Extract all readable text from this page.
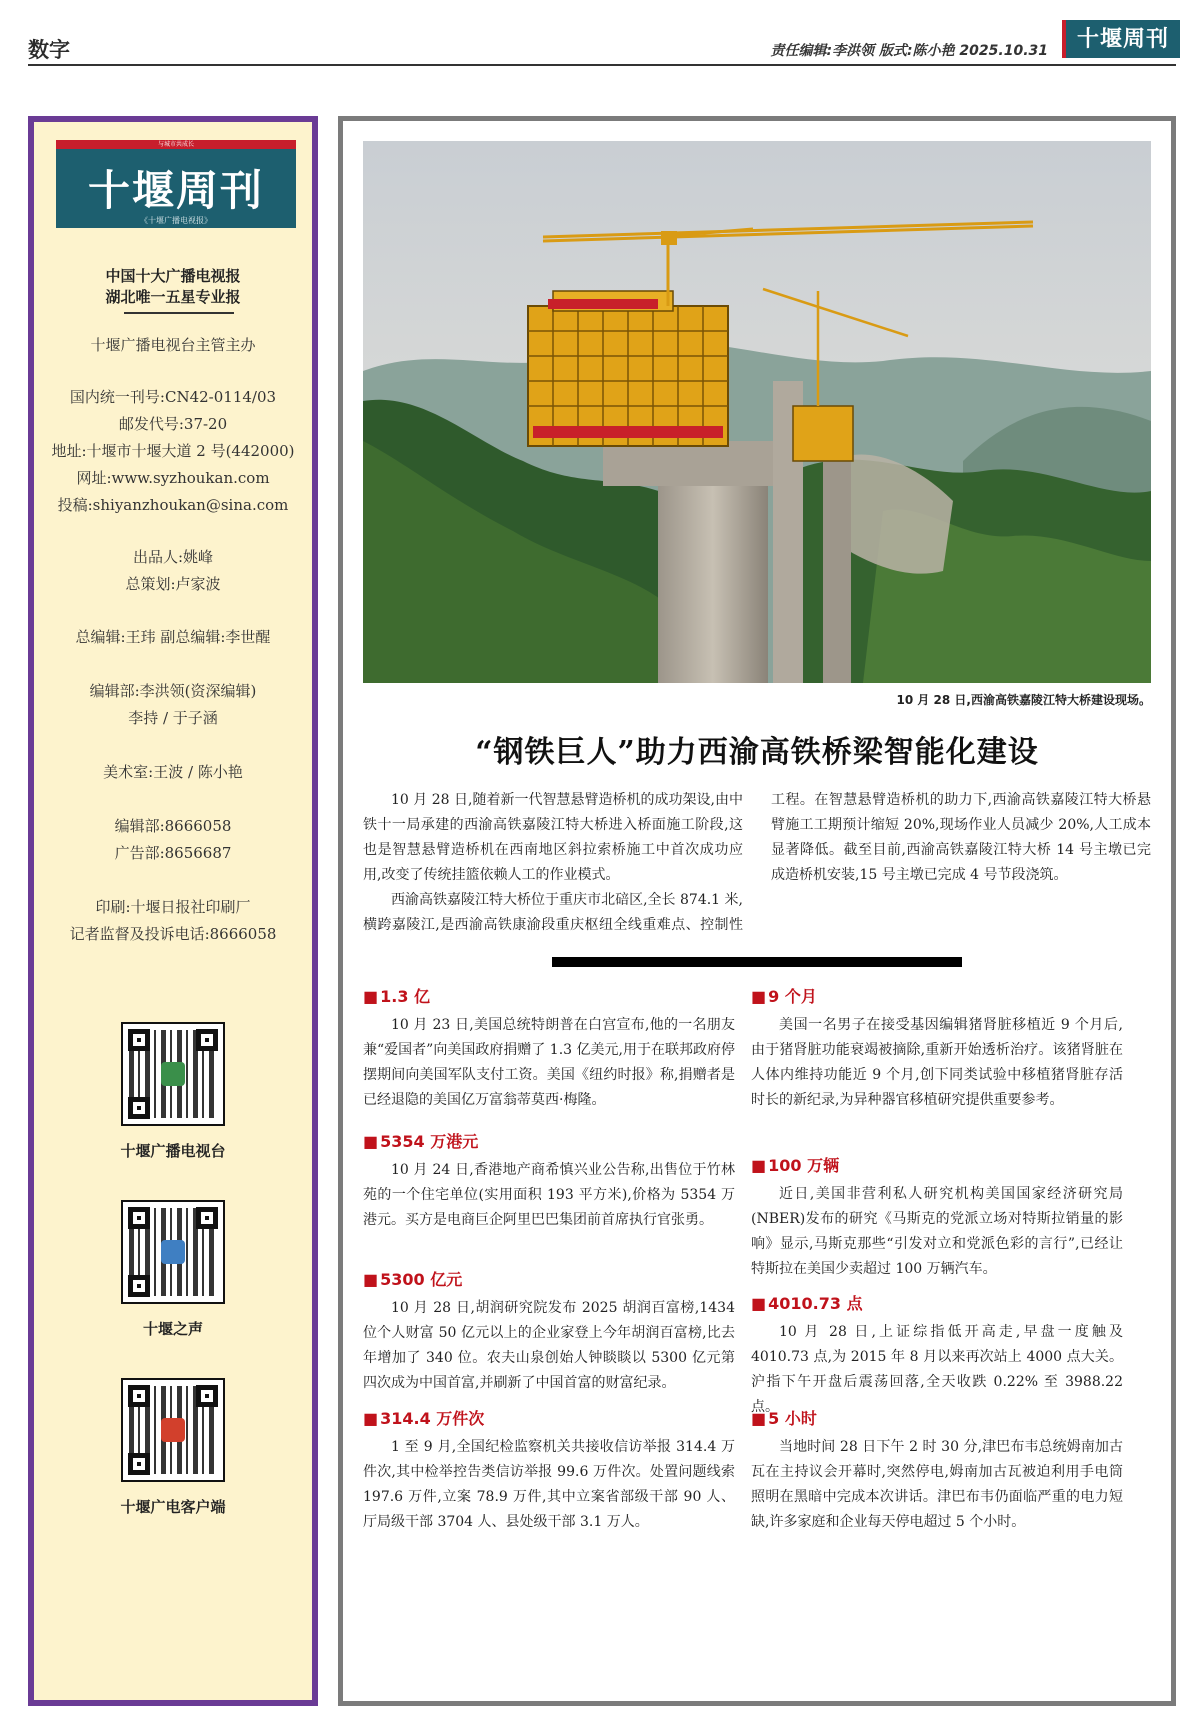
数字	责任编辑:李洪领 版式:陈小艳 2025.10.31	十堰周刊
与城市共成长
十堰周刊
《十堰广播电视报》
中国十大广播电视报
湖北唯一五星专业报
十堰广播电视台主管主办
国内统一刊号:CN42-0114/03
邮发代号:37-20
地址:十堰市十堰大道 2 号(442000)
网址:www.syzhoukan.com
投稿:shiyanzhoukan@sina.com
出品人:姚峰
总策划:卢家波
总编辑:王玮 副总编辑:李世醒
编辑部:李洪领(资深编辑)
李持 / 于子涵
美术室:王波 / 陈小艳
编辑部:8666058
广告部:8656687
印刷:十堰日报社印刷厂
记者监督及投诉电话:8666058
十堰广播电视台
十堰之声
十堰广电客户端
10 月 28 日,西渝高铁嘉陵江特大桥建设现场。
“钢铁巨人”助力西渝高铁桥梁智能化建设

10 月 28 日,随着新一代智慧悬臂造桥机的成功架设,由中铁十一局承建的西渝高铁嘉陵江特大桥进入桥面施工阶段,这也是智慧悬臂造桥机在西南地区斜拉索桥施工中首次成功应用,改变了传统挂篮依赖人工的作业模式。

西渝高铁嘉陵江特大桥位于重庆市北碚区,全长 874.1 米,横跨嘉陵江,是西渝高铁康渝段重庆枢纽全线重难点、控制性工程。在智慧悬臂造桥机的助力下,西渝高铁嘉陵江特大桥悬臂施工工期预计缩短 20%,现场作业人员减少 20%,人工成本显著降低。截至目前,西渝高铁嘉陵江特大桥 14 号主墩已完成造桥机安装,15 号主墩已完成 4 号节段浇筑。

■ 1.3 亿

10 月 23 日,美国总统特朗普在白宫宣布,他的一名朋友兼“爱国者”向美国政府捐赠了 1.3 亿美元,用于在联邦政府停摆期间向美国军队支付工资。美国《纽约时报》称,捐赠者是已经退隐的美国亿万富翁蒂莫西·梅隆。

■ 5354 万港元

10 月 24 日,香港地产商希慎兴业公告称,出售位于竹林苑的一个住宅单位(实用面积 193 平方米),价格为 5354 万港元。买方是电商巨企阿里巴巴集团前首席执行官张勇。

■ 5300 亿元

10 月 28 日,胡润研究院发布 2025 胡润百富榜,1434 位个人财富 50 亿元以上的企业家登上今年胡润百富榜,比去年增加了 340 位。农夫山泉创始人钟睒睒以 5300 亿元第四次成为中国首富,并刷新了中国首富的财富纪录。

■ 314.4 万件次

1 至 9 月,全国纪检监察机关共接收信访举报 314.4 万件次,其中检举控告类信访举报 99.6 万件次。处置问题线索 197.6 万件,立案 78.9 万件,其中立案省部级干部 90 人、厅局级干部 3704 人、县处级干部 3.1 万人。

■ 9 个月

美国一名男子在接受基因编辑猪肾脏移植近 9 个月后,由于猪肾脏功能衰竭被摘除,重新开始透析治疗。该猪肾脏在人体内维持功能近 9 个月,创下同类试验中移植猪肾脏存活时长的新纪录,为异种器官移植研究提供重要参考。

■ 100 万辆

近日,美国非营利私人研究机构美国国家经济研究局(NBER)发布的研究《马斯克的党派立场对特斯拉销量的影响》显示,马斯克那些“引发对立和党派色彩的言行”,已经让特斯拉在美国少卖超过 100 万辆汽车。

■ 4010.73 点

10 月 28 日,上证综指低开高走,早盘一度触及 4010.73 点,为 2015 年 8 月以来再次站上 4000 点大关。沪指下午开盘后震荡回落,全天收跌 0.22% 至 3988.22 点。

■ 5 小时

当地时间 28 日下午 2 时 30 分,津巴布韦总统姆南加古瓦在主持议会开幕时,突然停电,姆南加古瓦被迫利用手电筒照明在黑暗中完成本次讲话。津巴布韦仍面临严重的电力短缺,许多家庭和企业每天停电超过 5 个小时。
